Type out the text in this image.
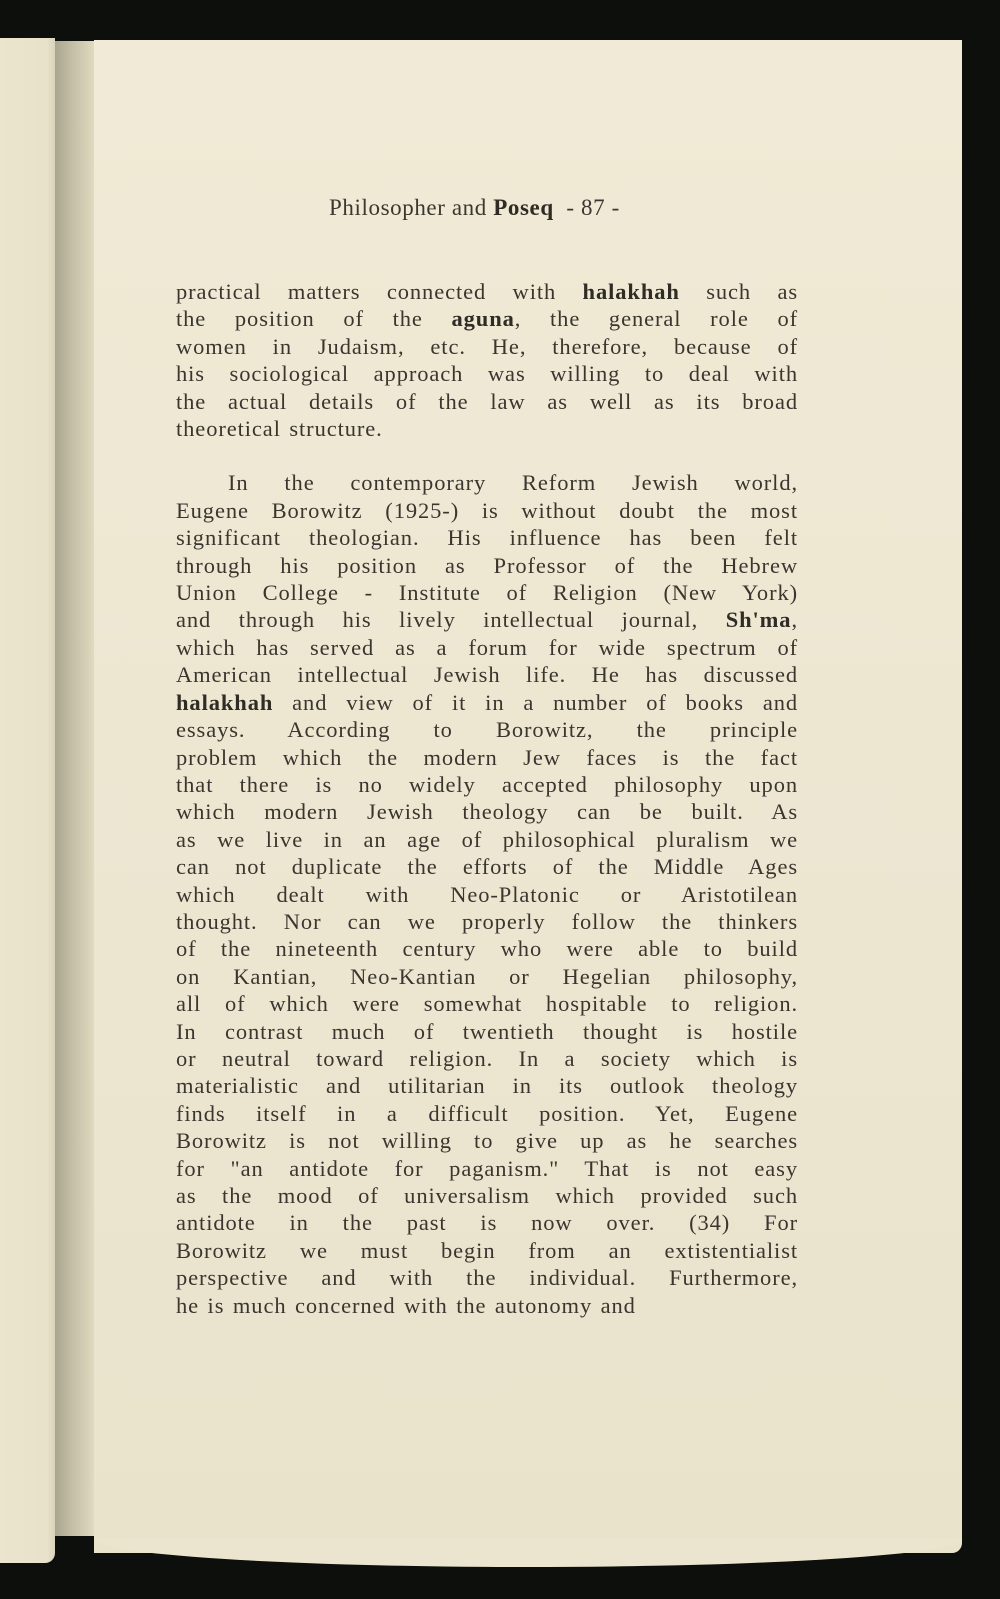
Philosopher and Poseq - 87 -
practical matters connected with halakhah such as
the position of the aguna, the general role of
women in Judaism, etc. He, therefore, because of
his sociological approach was willing to deal with
the actual details of the law as well as its broad
theoretical structure.
In the contemporary Reform Jewish world,
Eugene Borowitz (1925-) is without doubt the most
significant theologian. His influence has been felt
through his position as Professor of the Hebrew
Union College - Institute of Religion (New York)
and through his lively intellectual journal, Sh'ma,
which has served as a forum for wide spectrum of
American intellectual Jewish life. He has discussed
halakhah and view of it in a number of books and
essays. According to Borowitz, the principle
problem which the modern Jew faces is the fact
that there is no widely accepted philosophy upon
which modern Jewish theology can be built. As
as we live in an age of philosophical pluralism we
can not duplicate the efforts of the Middle Ages
which dealt with Neo-Platonic or Aristotilean
thought. Nor can we properly follow the thinkers
of the nineteenth century who were able to build
on Kantian, Neo-Kantian or Hegelian philosophy,
all of which were somewhat hospitable to religion.
In contrast much of twentieth thought is hostile
or neutral toward religion. In a society which is
materialistic and utilitarian in its outlook theology
finds itself in a difficult position. Yet, Eugene
Borowitz is not willing to give up as he searches
for "an antidote for paganism." That is not easy
as the mood of universalism which provided such
antidote in the past is now over. (34) For
Borowitz we must begin from an extistentialist
perspective and with the individual. Furthermore,
he is much concerned with the autonomy and
